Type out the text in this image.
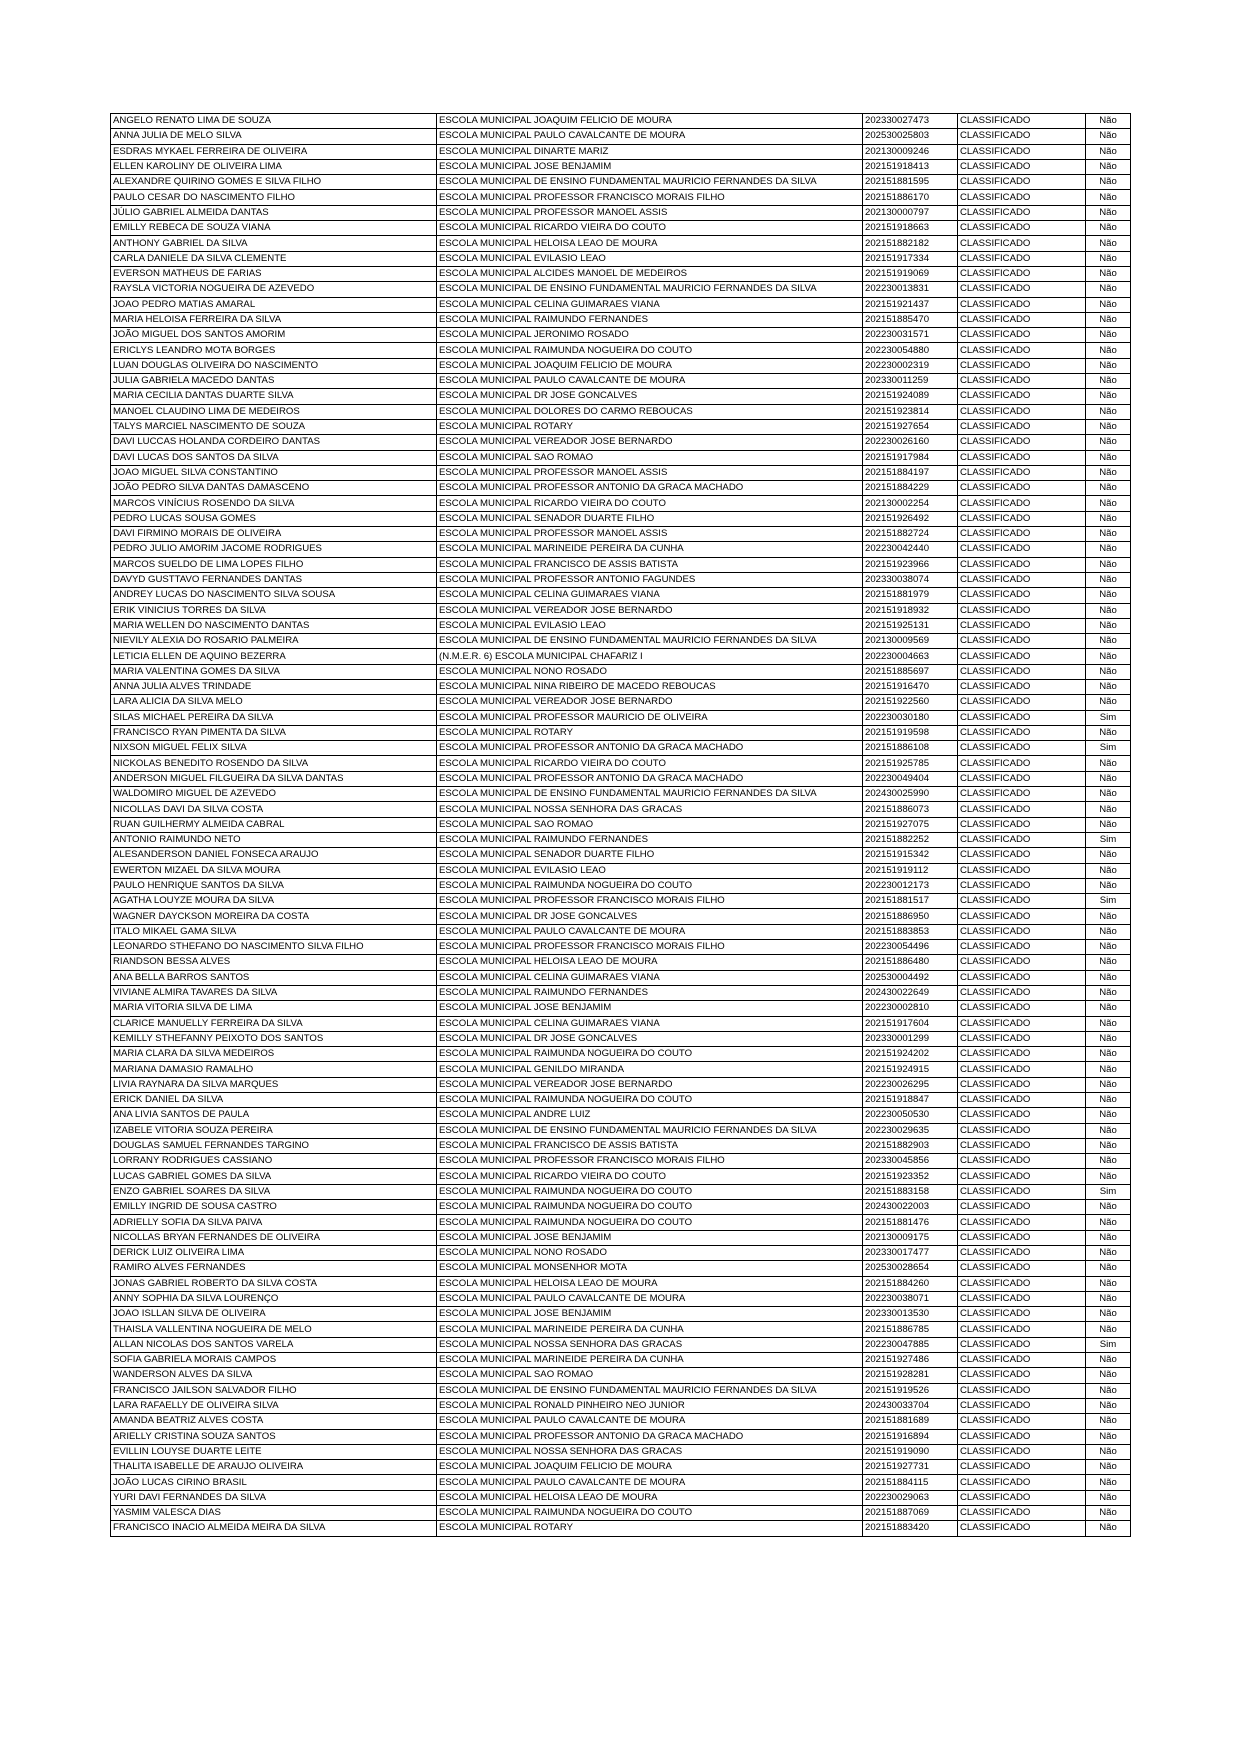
ANGELO RENATO LIMA DE SOUZA	ESCOLA MUNICIPAL JOAQUIM FELICIO DE MOURA	202330027473	CLASSIFICADO	Não
ANNA JULIA DE MELO SILVA	ESCOLA MUNICIPAL PAULO CAVALCANTE DE MOURA	202530025803	CLASSIFICADO	Não
ESDRAS MYKAEL FERREIRA DE OLIVEIRA	ESCOLA MUNICIPAL DINARTE MARIZ	202130009246	CLASSIFICADO	Não
ELLEN KAROLINY DE OLIVEIRA LIMA	ESCOLA MUNICIPAL JOSE BENJAMIM	202151918413	CLASSIFICADO	Não
ALEXANDRE QUIRINO GOMES E SILVA FILHO	ESCOLA MUNICIPAL DE ENSINO FUNDAMENTAL MAURICIO FERNANDES DA SILVA	202151881595	CLASSIFICADO	Não
PAULO CESAR DO NASCIMENTO FILHO	ESCOLA MUNICIPAL PROFESSOR FRANCISCO MORAIS FILHO	202151886170	CLASSIFICADO	Não
JÚLIO GABRIEL ALMEIDA DANTAS	ESCOLA MUNICIPAL PROFESSOR MANOEL ASSIS	202130000797	CLASSIFICADO	Não
EMILLY REBECA DE SOUZA VIANA	ESCOLA MUNICIPAL RICARDO VIEIRA DO COUTO	202151918663	CLASSIFICADO	Não
ANTHONY GABRIEL DA SILVA	ESCOLA MUNICIPAL HELOISA LEAO DE MOURA	202151882182	CLASSIFICADO	Não
CARLA DANIELE DA SILVA CLEMENTE	ESCOLA MUNICIPAL EVILASIO LEAO	202151917334	CLASSIFICADO	Não
EVERSON MATHEUS DE FARIAS	ESCOLA MUNICIPAL ALCIDES MANOEL DE MEDEIROS	202151919069	CLASSIFICADO	Não
RAYSLA VICTORIA NOGUEIRA DE AZEVEDO	ESCOLA MUNICIPAL DE ENSINO FUNDAMENTAL MAURICIO FERNANDES DA SILVA	202230013831	CLASSIFICADO	Não
JOAO PEDRO MATIAS AMARAL	ESCOLA MUNICIPAL CELINA GUIMARAES VIANA	202151921437	CLASSIFICADO	Não
MARIA HELOISA FERREIRA DA SILVA	ESCOLA MUNICIPAL RAIMUNDO FERNANDES	202151885470	CLASSIFICADO	Não
JOÃO MIGUEL DOS SANTOS AMORIM	ESCOLA MUNICIPAL JERONIMO ROSADO	202230031571	CLASSIFICADO	Não
ERICLYS LEANDRO MOTA BORGES	ESCOLA MUNICIPAL RAIMUNDA NOGUEIRA DO COUTO	202230054880	CLASSIFICADO	Não
LUAN DOUGLAS OLIVEIRA DO NASCIMENTO	ESCOLA MUNICIPAL JOAQUIM FELICIO DE MOURA	202230002319	CLASSIFICADO	Não
JULIA GABRIELA MACEDO DANTAS	ESCOLA MUNICIPAL PAULO CAVALCANTE DE MOURA	202330011259	CLASSIFICADO	Não
MARIA CECILIA DANTAS DUARTE SILVA	ESCOLA MUNICIPAL DR JOSE GONCALVES	202151924089	CLASSIFICADO	Não
MANOEL CLAUDINO LIMA DE MEDEIROS	ESCOLA MUNICIPAL DOLORES DO CARMO REBOUCAS	202151923814	CLASSIFICADO	Não
TALYS MARCIEL NASCIMENTO DE SOUZA	ESCOLA MUNICIPAL ROTARY	202151927654	CLASSIFICADO	Não
DAVI LUCCAS HOLANDA CORDEIRO DANTAS	ESCOLA MUNICIPAL VEREADOR JOSE BERNARDO	202230026160	CLASSIFICADO	Não
DAVI LUCAS DOS SANTOS DA SILVA	ESCOLA MUNICIPAL SAO ROMAO	202151917984	CLASSIFICADO	Não
JOAO MIGUEL SILVA CONSTANTINO	ESCOLA MUNICIPAL PROFESSOR MANOEL ASSIS	202151884197	CLASSIFICADO	Não
JOÃO PEDRO SILVA DANTAS DAMASCENO	ESCOLA MUNICIPAL PROFESSOR ANTONIO DA GRACA MACHADO	202151884229	CLASSIFICADO	Não
MARCOS VINÍCIUS ROSENDO DA SILVA	ESCOLA MUNICIPAL RICARDO VIEIRA DO COUTO	202130002254	CLASSIFICADO	Não
PEDRO LUCAS SOUSA GOMES	ESCOLA MUNICIPAL SENADOR DUARTE FILHO	202151926492	CLASSIFICADO	Não
DAVI FIRMINO MORAIS DE OLIVEIRA	ESCOLA MUNICIPAL PROFESSOR MANOEL ASSIS	202151882724	CLASSIFICADO	Não
PEDRO JULIO AMORIM JACOME RODRIGUES	ESCOLA MUNICIPAL MARINEIDE PEREIRA DA CUNHA	202230042440	CLASSIFICADO	Não
MARCOS SUELDO DE LIMA LOPES FILHO	ESCOLA MUNICIPAL FRANCISCO DE ASSIS BATISTA	202151923966	CLASSIFICADO	Não
DAVYD GUSTTAVO FERNANDES DANTAS	ESCOLA MUNICIPAL PROFESSOR ANTONIO FAGUNDES	202330038074	CLASSIFICADO	Não
ANDREY LUCAS DO NASCIMENTO SILVA SOUSA	ESCOLA MUNICIPAL CELINA GUIMARAES VIANA	202151881979	CLASSIFICADO	Não
ERIK VINICIUS TORRES DA SILVA	ESCOLA MUNICIPAL VEREADOR JOSE BERNARDO	202151918932	CLASSIFICADO	Não
MARIA WELLEN DO NASCIMENTO DANTAS	ESCOLA MUNICIPAL EVILASIO LEAO	202151925131	CLASSIFICADO	Não
NIEVILY ALEXIA DO ROSARIO PALMEIRA	ESCOLA MUNICIPAL DE ENSINO FUNDAMENTAL MAURICIO FERNANDES DA SILVA	202130009569	CLASSIFICADO	Não
LETICIA ELLEN DE AQUINO BEZERRA	(N.M.E.R. 6) ESCOLA MUNICIPAL CHAFARIZ I	202230004663	CLASSIFICADO	Não
MARIA VALENTINA GOMES DA SILVA	ESCOLA MUNICIPAL NONO ROSADO	202151885697	CLASSIFICADO	Não
ANNA JULIA ALVES TRINDADE	ESCOLA MUNICIPAL NINA RIBEIRO DE MACEDO REBOUCAS	202151916470	CLASSIFICADO	Não
LARA ALICIA DA SILVA MELO	ESCOLA MUNICIPAL VEREADOR JOSE BERNARDO	202151922560	CLASSIFICADO	Não
SILAS MICHAEL PEREIRA DA SILVA	ESCOLA MUNICIPAL PROFESSOR MAURICIO DE OLIVEIRA	202230030180	CLASSIFICADO	Sim
FRANCISCO RYAN PIMENTA DA SILVA	ESCOLA MUNICIPAL ROTARY	202151919598	CLASSIFICADO	Não
NIXSON MIGUEL FELIX SILVA	ESCOLA MUNICIPAL PROFESSOR ANTONIO DA GRACA MACHADO	202151886108	CLASSIFICADO	Sim
NICKOLAS BENEDITO ROSENDO DA SILVA	ESCOLA MUNICIPAL RICARDO VIEIRA DO COUTO	202151925785	CLASSIFICADO	Não
ANDERSON MIGUEL FILGUEIRA DA SILVA DANTAS	ESCOLA MUNICIPAL PROFESSOR ANTONIO DA GRACA MACHADO	202230049404	CLASSIFICADO	Não
WALDOMIRO MIGUEL DE AZEVEDO	ESCOLA MUNICIPAL DE ENSINO FUNDAMENTAL MAURICIO FERNANDES DA SILVA	202430025990	CLASSIFICADO	Não
NICOLLAS DAVI DA SILVA COSTA	ESCOLA MUNICIPAL NOSSA SENHORA DAS GRACAS	202151886073	CLASSIFICADO	Não
RUAN GUILHERMY ALMEIDA CABRAL	ESCOLA MUNICIPAL SAO ROMAO	202151927075	CLASSIFICADO	Não
ANTONIO RAIMUNDO NETO	ESCOLA MUNICIPAL RAIMUNDO FERNANDES	202151882252	CLASSIFICADO	Sim
ALESANDERSON DANIEL FONSECA ARAUJO	ESCOLA MUNICIPAL SENADOR DUARTE FILHO	202151915342	CLASSIFICADO	Não
EWERTON MIZAEL DA SILVA MOURA	ESCOLA MUNICIPAL EVILASIO LEAO	202151919112	CLASSIFICADO	Não
PAULO HENRIQUE SANTOS DA SILVA	ESCOLA MUNICIPAL RAIMUNDA NOGUEIRA DO COUTO	202230012173	CLASSIFICADO	Não
AGATHA LOUYZE MOURA DA SILVA	ESCOLA MUNICIPAL PROFESSOR FRANCISCO MORAIS FILHO	202151881517	CLASSIFICADO	Sim
WAGNER DAYCKSON MOREIRA DA COSTA	ESCOLA MUNICIPAL DR JOSE GONCALVES	202151886950	CLASSIFICADO	Não
ITALO MIKAEL GAMA SILVA	ESCOLA MUNICIPAL PAULO CAVALCANTE DE MOURA	202151883853	CLASSIFICADO	Não
LEONARDO STHEFANO DO NASCIMENTO SILVA FILHO	ESCOLA MUNICIPAL PROFESSOR FRANCISCO MORAIS FILHO	202230054496	CLASSIFICADO	Não
RIANDSON BESSA ALVES	ESCOLA MUNICIPAL HELOISA LEAO DE MOURA	202151886480	CLASSIFICADO	Não
ANA BELLA BARROS SANTOS	ESCOLA MUNICIPAL CELINA GUIMARAES VIANA	202530004492	CLASSIFICADO	Não
VIVIANE ALMIRA TAVARES DA SILVA	ESCOLA MUNICIPAL RAIMUNDO FERNANDES	202430022649	CLASSIFICADO	Não
MARIA VITORIA SILVA DE LIMA	ESCOLA MUNICIPAL JOSE BENJAMIM	202230002810	CLASSIFICADO	Não
CLARICE MANUELLY FERREIRA DA SILVA	ESCOLA MUNICIPAL CELINA GUIMARAES VIANA	202151917604	CLASSIFICADO	Não
KEMILLY STHEFANNY PEIXOTO DOS SANTOS	ESCOLA MUNICIPAL DR JOSE GONCALVES	202330001299	CLASSIFICADO	Não
MARIA CLARA DA SILVA MEDEIROS	ESCOLA MUNICIPAL RAIMUNDA NOGUEIRA DO COUTO	202151924202	CLASSIFICADO	Não
MARIANA DAMASIO RAMALHO	ESCOLA MUNICIPAL GENILDO MIRANDA	202151924915	CLASSIFICADO	Não
LIVIA RAYNARA DA SILVA MARQUES	ESCOLA MUNICIPAL VEREADOR JOSE BERNARDO	202230026295	CLASSIFICADO	Não
ERICK DANIEL DA SILVA	ESCOLA MUNICIPAL RAIMUNDA NOGUEIRA DO COUTO	202151918847	CLASSIFICADO	Não
ANA LIVIA SANTOS DE PAULA	ESCOLA MUNICIPAL ANDRE LUIZ	202230050530	CLASSIFICADO	Não
IZABELE VITORIA SOUZA PEREIRA	ESCOLA MUNICIPAL DE ENSINO FUNDAMENTAL MAURICIO FERNANDES DA SILVA	202230029635	CLASSIFICADO	Não
DOUGLAS SAMUEL FERNANDES TARGINO	ESCOLA MUNICIPAL FRANCISCO DE ASSIS BATISTA	202151882903	CLASSIFICADO	Não
LORRANY RODRIGUES CASSIANO	ESCOLA MUNICIPAL PROFESSOR FRANCISCO MORAIS FILHO	202330045856	CLASSIFICADO	Não
LUCAS GABRIEL GOMES DA SILVA	ESCOLA MUNICIPAL RICARDO VIEIRA DO COUTO	202151923352	CLASSIFICADO	Não
ENZO GABRIEL SOARES DA SILVA	ESCOLA MUNICIPAL RAIMUNDA NOGUEIRA DO COUTO	202151883158	CLASSIFICADO	Sim
EMILLY INGRID DE SOUSA CASTRO	ESCOLA MUNICIPAL RAIMUNDA NOGUEIRA DO COUTO	202430022003	CLASSIFICADO	Não
ADRIELLY SOFIA DA SILVA PAIVA	ESCOLA MUNICIPAL RAIMUNDA NOGUEIRA DO COUTO	202151881476	CLASSIFICADO	Não
NICOLLAS BRYAN FERNANDES DE OLIVEIRA	ESCOLA MUNICIPAL JOSE BENJAMIM	202130009175	CLASSIFICADO	Não
DERICK LUIZ OLIVEIRA LIMA	ESCOLA MUNICIPAL NONO ROSADO	202330017477	CLASSIFICADO	Não
RAMIRO ALVES FERNANDES	ESCOLA MUNICIPAL MONSENHOR MOTA	202530028654	CLASSIFICADO	Não
JONAS GABRIEL ROBERTO DA SILVA COSTA	ESCOLA MUNICIPAL HELOISA LEAO DE MOURA	202151884260	CLASSIFICADO	Não
ANNY SOPHIA DA SILVA LOURENÇO	ESCOLA MUNICIPAL PAULO CAVALCANTE DE MOURA	202230038071	CLASSIFICADO	Não
JOAO ISLLAN SILVA DE OLIVEIRA	ESCOLA MUNICIPAL JOSE BENJAMIM	202330013530	CLASSIFICADO	Não
THAISLA VALLENTINA NOGUEIRA DE MELO	ESCOLA MUNICIPAL MARINEIDE PEREIRA DA CUNHA	202151886785	CLASSIFICADO	Não
ALLAN NICOLAS DOS SANTOS VARELA	ESCOLA MUNICIPAL NOSSA SENHORA DAS GRACAS	202230047885	CLASSIFICADO	Sim
SOFIA GABRIELA MORAIS CAMPOS	ESCOLA MUNICIPAL MARINEIDE PEREIRA DA CUNHA	202151927486	CLASSIFICADO	Não
WANDERSON ALVES DA SILVA	ESCOLA MUNICIPAL SAO ROMAO	202151928281	CLASSIFICADO	Não
FRANCISCO JAILSON SALVADOR FILHO	ESCOLA MUNICIPAL DE ENSINO FUNDAMENTAL MAURICIO FERNANDES DA SILVA	202151919526	CLASSIFICADO	Não
LARA RAFAELLY DE OLIVEIRA SILVA	ESCOLA MUNICIPAL RONALD PINHEIRO NEO JUNIOR	202430033704	CLASSIFICADO	Não
AMANDA BEATRIZ ALVES COSTA	ESCOLA MUNICIPAL PAULO CAVALCANTE DE MOURA	202151881689	CLASSIFICADO	Não
ARIELLY CRISTINA SOUZA SANTOS	ESCOLA MUNICIPAL PROFESSOR ANTONIO DA GRACA MACHADO	202151916894	CLASSIFICADO	Não
EVILLIN LOUYSE DUARTE LEITE	ESCOLA MUNICIPAL NOSSA SENHORA DAS GRACAS	202151919090	CLASSIFICADO	Não
THALITA ISABELLE DE ARAUJO OLIVEIRA	ESCOLA MUNICIPAL JOAQUIM FELICIO DE MOURA	202151927731	CLASSIFICADO	Não
JOÃO LUCAS CIRINO BRASIL	ESCOLA MUNICIPAL PAULO CAVALCANTE DE MOURA	202151884115	CLASSIFICADO	Não
YURI DAVI FERNANDES DA SILVA	ESCOLA MUNICIPAL HELOISA LEAO DE MOURA	202230029063	CLASSIFICADO	Não
YASMIM VALESCA DIAS	ESCOLA MUNICIPAL RAIMUNDA NOGUEIRA DO COUTO	202151887069	CLASSIFICADO	Não
FRANCISCO INACIO ALMEIDA MEIRA DA SILVA	ESCOLA MUNICIPAL ROTARY	202151883420	CLASSIFICADO	Não
